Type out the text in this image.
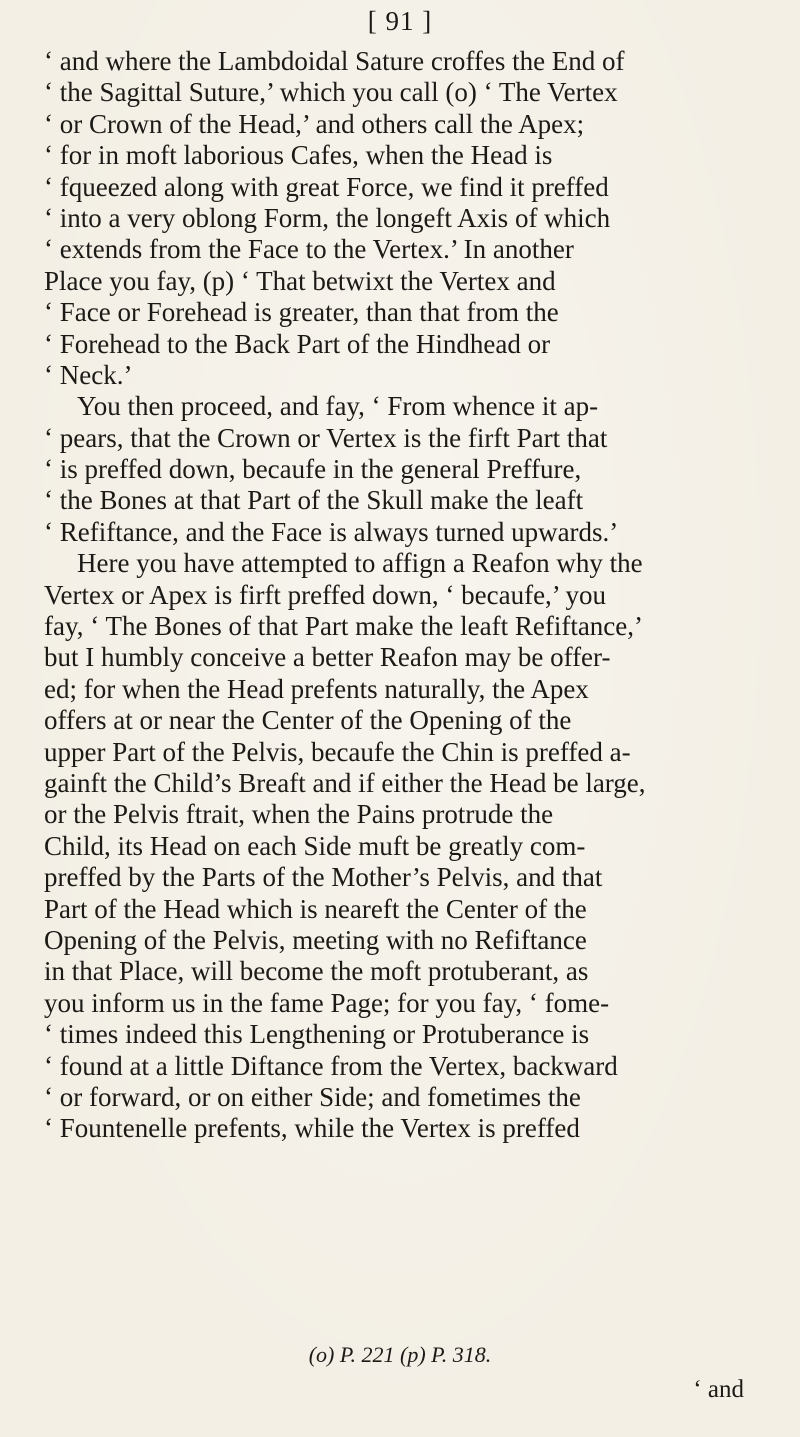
[ 91 ]
‘ and where the Lambdoidal Sature croffes the End of
‘ the Sagittal Suture,’ which you call (o) ‘ The Vertex
‘ or Crown of the Head,’ and others call the Apex;
‘ for in moft laborious Cafes, when the Head is
‘ fqueezed along with great Force, we find it preffed
‘ into a very oblong Form, the longeft Axis of which
‘ extends from the Face to the Vertex.’ In another
Place you fay, (p) ‘ That betwixt the Vertex and
‘ Face or Forehead is greater, than that from the
‘ Forehead to the Back Part of the Hindhead or
‘ Neck.’
You then proceed, and fay, ‘ From whence it ap-
‘ pears, that the Crown or Vertex is the firft Part that
‘ is preffed down, becaufe in the general Preffure,
‘ the Bones at that Part of the Skull make the leaft
‘ Refiftance, and the Face is always turned upwards.’
Here you have attempted to affign a Reafon why the
Vertex or Apex is firft preffed down, ‘ becaufe,’ you
fay, ‘ The Bones of that Part make the leaft Refiftance,’
but I humbly conceive a better Reafon may be offer-
ed; for when the Head prefents naturally, the Apex
offers at or near the Center of the Opening of the
upper Part of the Pelvis, becaufe the Chin is preffed a-
gainft the Child’s Breaft and if either the Head be large,
or the Pelvis ftrait, when the Pains protrude the
Child, its Head on each Side muft be greatly com-
preffed by the Parts of the Mother’s Pelvis, and that
Part of the Head which is neareft the Center of the
Opening of the Pelvis, meeting with no Refiftance
in that Place, will become the moft protuberant, as
you inform us in the fame Page; for you fay, ‘ fome-
‘ times indeed this Lengthening or Protuberance is
‘ found at a little Diftance from the Vertex, backward
‘ or forward, or on either Side; and fometimes the
‘ Fountenelle prefents, while the Vertex is preffed
(o) P. 221 (p) P. 318.
‘ and
